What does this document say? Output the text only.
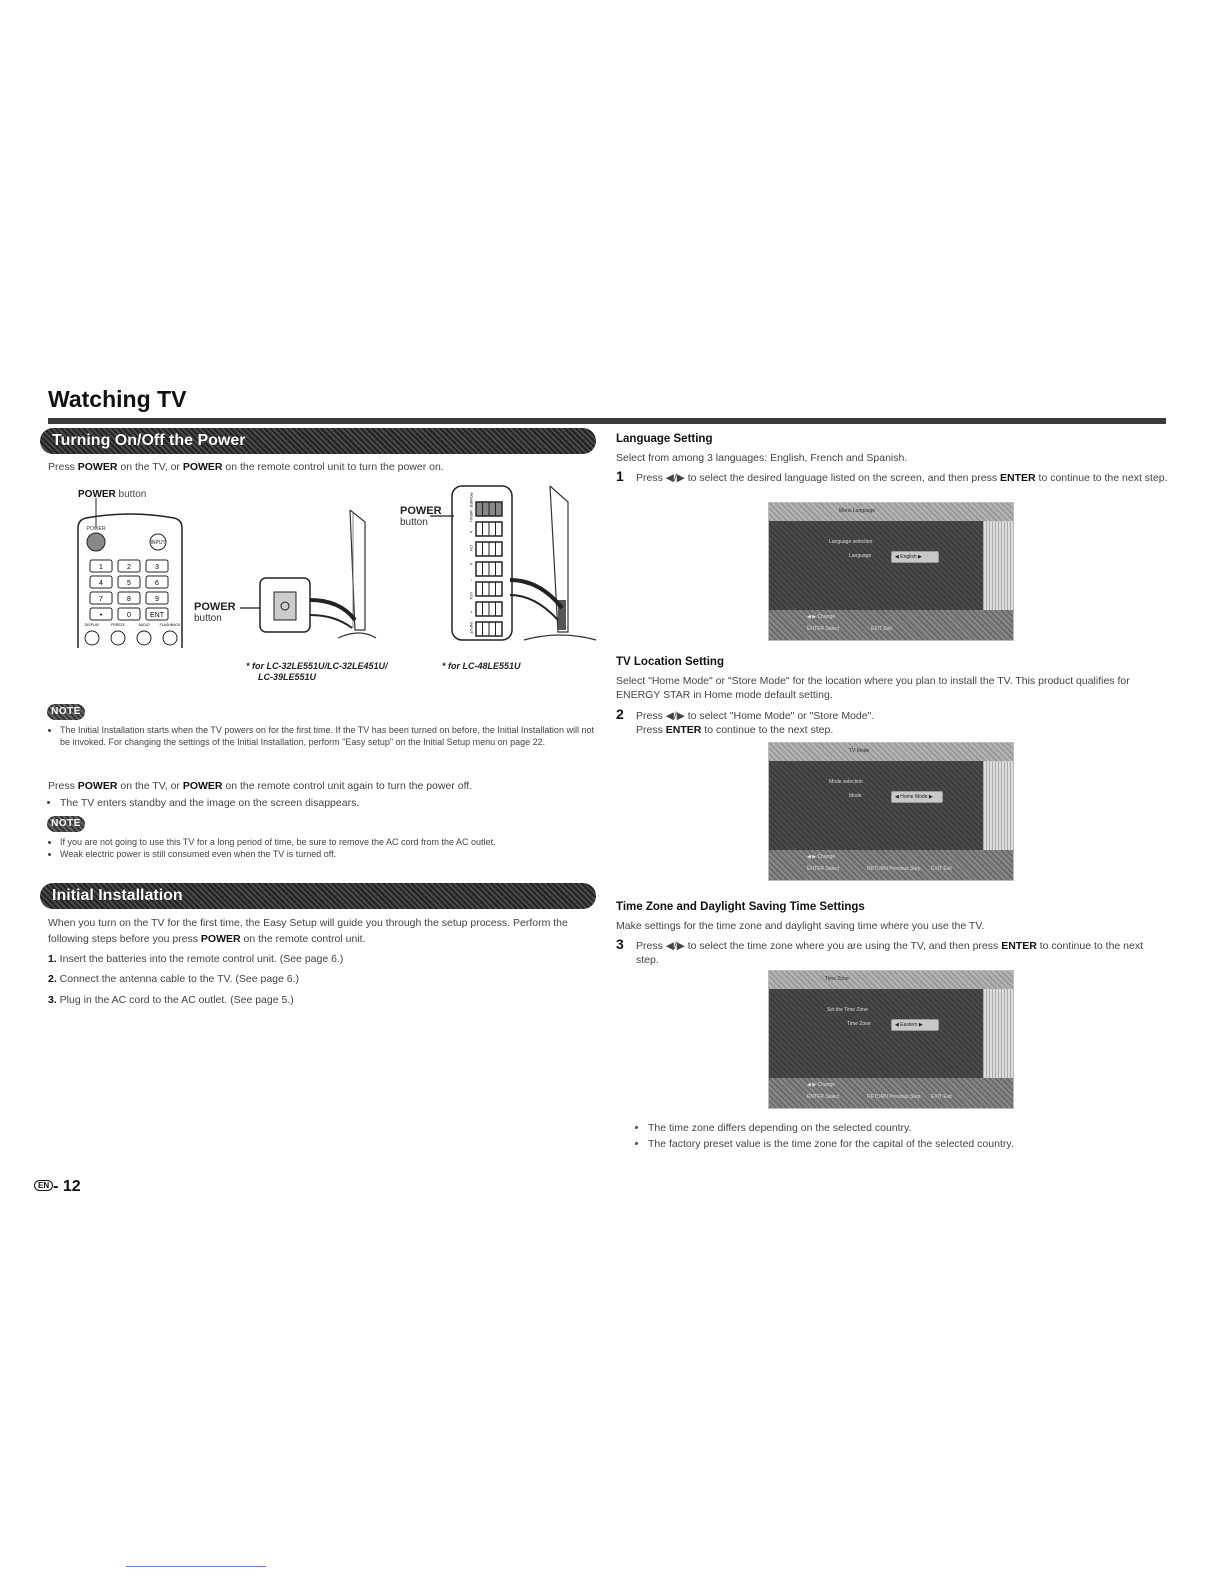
Watching TV
Turning On/Off the Power
Press POWER on the TV, or POWER on the remote control unit to turn the power on.
POWER button
POWER
INPUT
1	2	3
4	5	6
7	8	9
•	0	ENT
DISPLAY	FREEZE	AUDIO	FLASHBACK
POWER
button
POWER
MENU
∧
CH
∨
−
VOL
+
INPUT
POWER
button
* for LC-32LE551U/LC-32LE451U/
LC-39LE551U
* for LC-48LE551U
NOTE
• The Initial Installation starts when the TV powers on for the first time. If the TV has been turned on before, the Initial Installation will not be invoked. For changing the settings of the Initial Installation, perform "Easy setup" on the Initial Setup menu on page 22.
Press POWER on the TV, or POWER on the remote control unit again to turn the power off.
• The TV enters standby and the image on the screen disappears.
NOTE
• If you are not going to use this TV for a long period of time, be sure to remove the AC cord from the AC outlet.
• Weak electric power is still consumed even when the TV is turned off.
Initial Installation
When you turn on the TV for the first time, the Easy Setup will guide you through the setup process. Perform the following steps before you press POWER on the remote control unit.
1. Insert the batteries into the remote control unit. (See page 6.)
2. Connect the antenna cable to the TV. (See page 6.)
3. Plug in the AC cord to the AC outlet. (See page 5.)
Language Setting
Select from among 3 languages: English, French and Spanish.
1 Press ◀/▶ to select the desired language listed on the screen, and then press ENTER to continue to the next step.
Menu Language
Language selection
Language	◀ English ▶
◀ ▶ Change
ENTER Select	EXIT Exit
TV Location Setting
Select "Home Mode" or "Store Mode" for the location where you plan to install the TV. This product qualifies for ENERGY STAR in Home mode default setting.
2 Press ◀/▶ to select "Home Mode" or "Store Mode".
Press ENTER to continue to the next step.
TV Mode
Mode selection
Mode	◀ Home Mode ▶
◀ ▶ Change
ENTER Select	RETURN Previous Step EXIT Exit
Time Zone and Daylight Saving Time Settings
Make settings for the time zone and daylight saving time where you use the TV.
3 Press ◀/▶ to select the time zone where you are using the TV, and then press ENTER to continue to the next step.
Time Zone
Set the Time Zone
Time Zone	◀ Eastern ▶
◀ ▶ Change
ENTER Select	RETURN Previous Step EXIT Exit
• The time zone differs depending on the selected country.
• The factory preset value is the time zone for the capital of the selected country.
EN - 12
